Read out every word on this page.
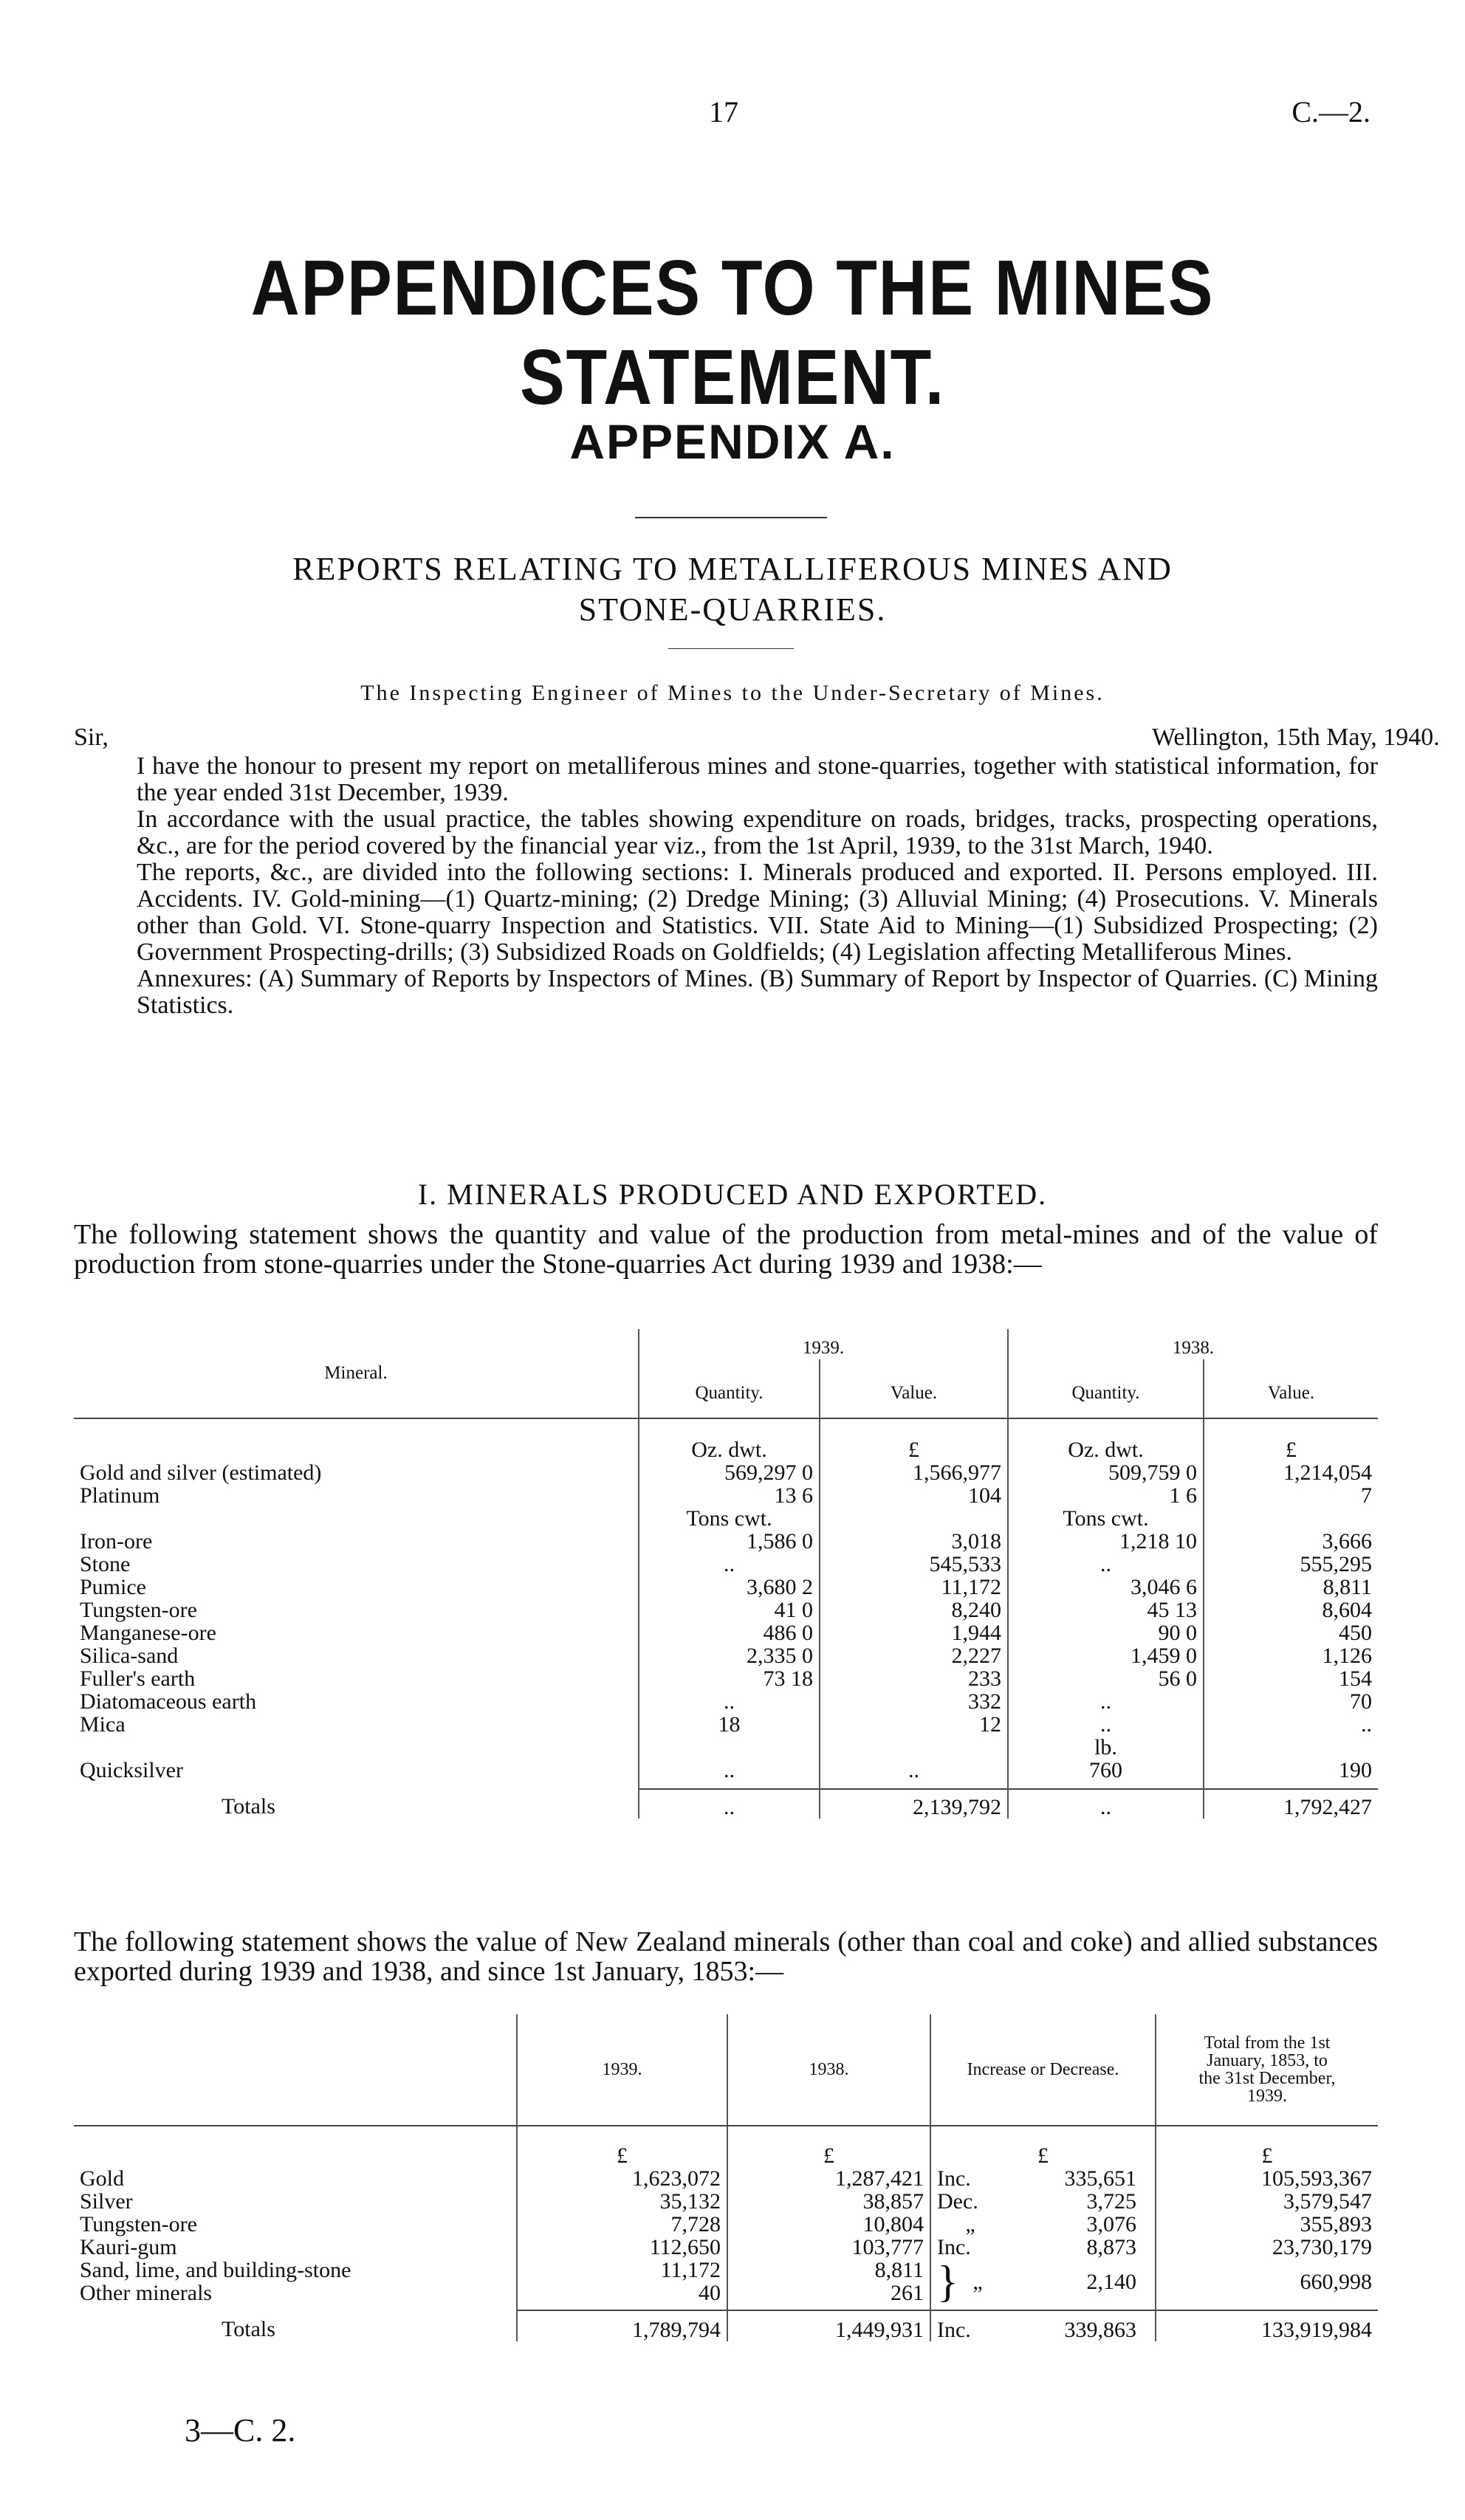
17	C.—2.
APPENDICES TO THE MINES STATEMENT.
APPENDIX A.
REPORTS RELATING TO METALLIFEROUS MINES AND
STONE-QUARRIES.
The Inspecting Engineer of Mines to the Under-Secretary of Mines.
Sir,	Wellington, 15th May, 1940.
I have the honour to present my report on metalliferous mines and stone-quarries, together with statistical information, for the year ended 31st December, 1939.
In accordance with the usual practice, the tables showing expenditure on roads, bridges, tracks, prospecting operations, &c., are for the period covered by the financial year viz., from the 1st April, 1939, to the 31st March, 1940.
The reports, &c., are divided into the following sections: I. Minerals produced and exported. II. Persons employed. III. Accidents. IV. Gold-mining—(1) Quartz-mining; (2) Dredge Mining; (3) Alluvial Mining; (4) Prosecutions. V. Minerals other than Gold. VI. Stone-quarry Inspection and Statistics. VII. State Aid to Mining—(1) Subsidized Prospecting; (2) Government Prospecting-drills; (3) Subsidized Roads on Goldfields; (4) Legislation affecting Metalliferous Mines.
Annexures: (A) Summary of Reports by Inspectors of Mines. (B) Summary of Report by Inspector of Quarries. (C) Mining Statistics.
I. MINERALS PRODUCED AND EXPORTED.
The following statement shows the quantity and value of the production from metal-mines and of the value of production from stone-quarries under the Stone-quarries Act during 1939 and 1938:—
Mineral.	1939.		1938.	
	Quantity.	Value.	Quantity.	Value.

	Oz. dwt.	£	Oz. dwt.	£
Gold and silver (estimated)	569,297 0	1,566,977	509,759 0	1,214,054
Platinum	13 6	104	1 6	7
	Tons cwt.		Tons cwt.	
Iron-ore	1,586 0	3,018	1,218 10	3,666
Stone	..	545,533	..	555,295
Pumice	3,680 2	11,172	3,046 6	8,811
Tungsten-ore	41 0	8,240	45 13	8,604
Manganese-ore	486 0	1,944	90 0	450
Silica-sand	2,335 0	2,227	1,459 0	1,126
Fuller's earth	73 18	233	56 0	154
Diatomaceous earth	..	332	..	70
Mica	18	12	..	..
			lb.	
Quicksilver	..	..	760	190

Totals	..	2,139,792	..	1,792,427
The following statement shows the value of New Zealand minerals (other than coal and coke) and allied substances exported during 1939 and 1938, and since 1st January, 1853:—
	1939.	1938.	Increase or Decrease.	Total from the 1st
January, 1853, to
the 31st December,
1939.

	£	£	£	£
Gold	1,623,072	1,287,421	Inc. 335,651	105,593,367
Silver	35,132	38,857	Dec. 3,725	3,579,547
Tungsten-ore	7,728	10,804	„ 3,076	355,893
Kauri-gum	112,650	103,777	Inc. 8,873	23,730,179
Sand, lime, and building-stone	11,172	8,811	} „ 2,140	660,998
Other minerals	40	261		

Totals	1,789,794	1,449,931	Inc. 339,863	133,919,984
3—C. 2.
